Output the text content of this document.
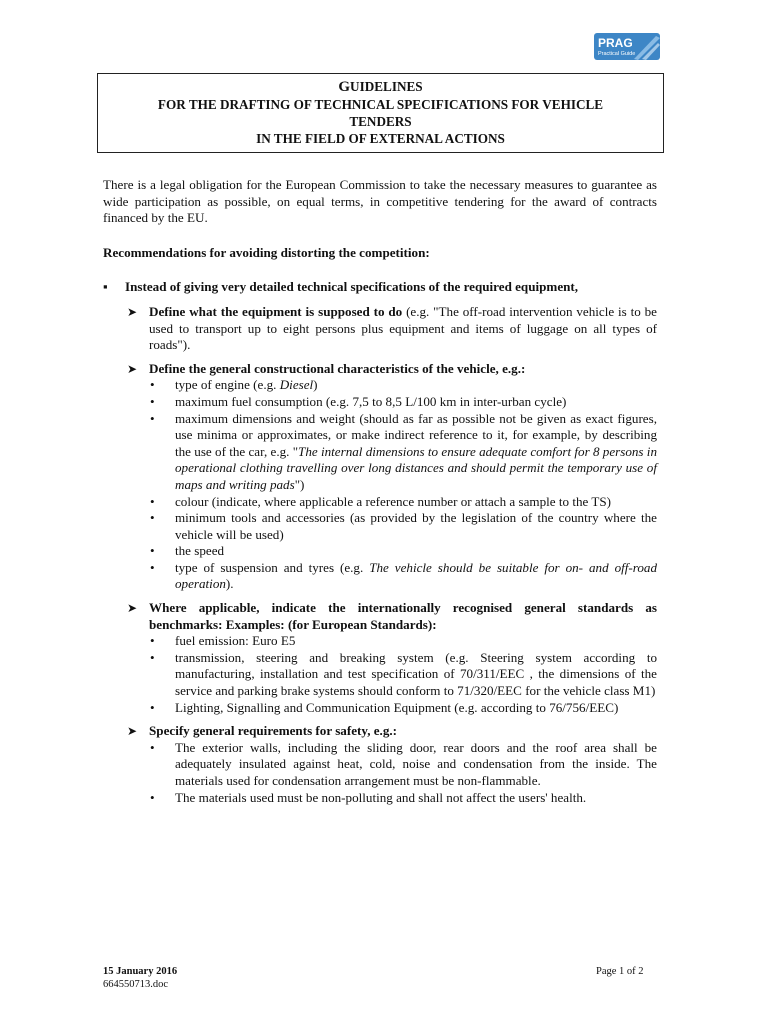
PRAG
Practical Guide
GUIDELINES
FOR THE DRAFTING OF TECHNICAL SPECIFICATIONS FOR VEHICLE
TENDERS
IN THE FIELD OF EXTERNAL ACTIONS

There is a legal obligation for the European Commission to take the necessary measures to guarantee as wide participation as possible, on equal terms, in competitive tendering for the award of contracts financed by the EU.

Recommendations for avoiding distorting the competition:

▪ Instead of giving very detailed technical specifications of the required equipment,
➤ Define what the equipment is supposed to do (e.g. "The off-road intervention vehicle is to be used to transport up to eight persons plus equipment and items of luggage on all types of roads").
➤ Define the general constructional characteristics of the vehicle, e.g.:
• type of engine (e.g. Diesel)
• maximum fuel consumption (e.g. 7,5 to 8,5 L/100 km in inter-urban cycle)
• maximum dimensions and weight (should as far as possible not be given as exact figures, use minima or approximates, or make indirect reference to it, for example, by describing the use of the car, e.g. "The internal dimensions to ensure adequate comfort for 8 persons in operational clothing travelling over long distances and should permit the temporary use of maps and writing pads")
• colour (indicate, where applicable a reference number or attach a sample to the TS)
• minimum tools and accessories (as provided by the legislation of the country where the vehicle will be used)
• the speed
• type of suspension and tyres (e.g. The vehicle should be suitable for on- and off-road operation).
➤ Where applicable, indicate the internationally recognised general standards as benchmarks: Examples: (for European Standards):
• fuel emission: Euro E5
• transmission, steering and breaking system (e.g. Steering system according to manufacturing, installation and test specification of 70/311/EEC , the dimensions of the service and parking brake systems should conform to 71/320/EEC for the vehicle class M1)
• Lighting, Signalling and Communication Equipment (e.g. according to 76/756/EEC)
➤ Specify general requirements for safety, e.g.:
• The exterior walls, including the sliding door, rear doors and the roof area shall be adequately insulated against heat, cold, noise and condensation from the inside. The materials used for condensation arrangement must be non-flammable.
• The materials used must be non-polluting and shall not affect the users' health.
15 January 2016
664550713.doc
Page 1 of 2
